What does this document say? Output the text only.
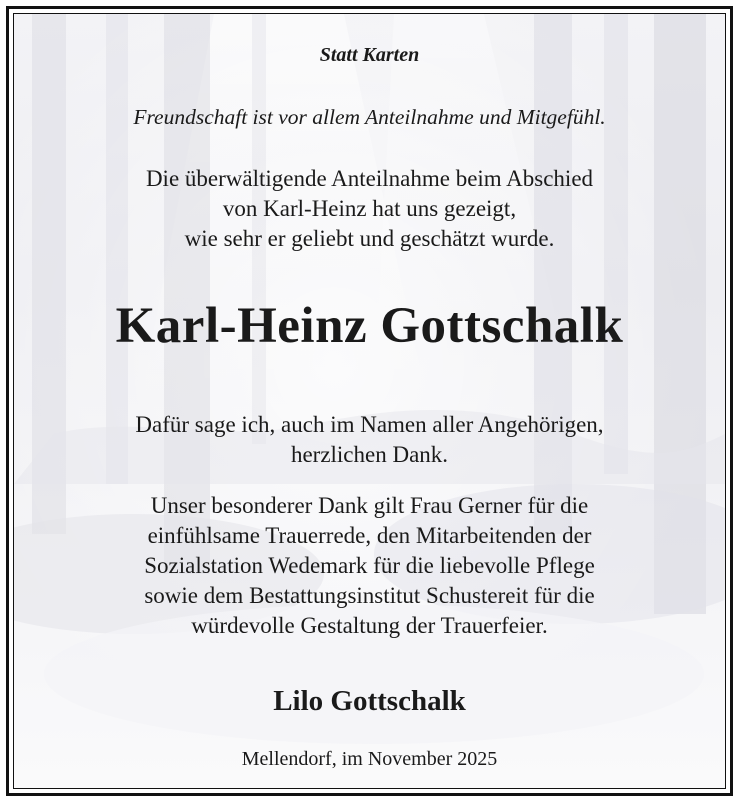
Statt Karten

Freundschaft ist vor allem Anteilnahme und Mitgefühl.

Die überwältigende Anteilnahme beim Abschied
von Karl-Heinz hat uns gezeigt,
wie sehr er geliebt und geschätzt wurde.

Karl-Heinz Gottschalk

Dafür sage ich, auch im Namen aller Angehörigen,
herzlichen Dank.
Unser besonderer Dank gilt Frau Gerner für die
einfühlsame Trauerrede, den Mitarbeitenden der
Sozialstation Wedemark für die liebevolle Pflege
sowie dem Bestattungsinstitut Schustereit für die
würdevolle Gestaltung der Trauerfeier.

Lilo Gottschalk

Mellendorf, im November 2025
